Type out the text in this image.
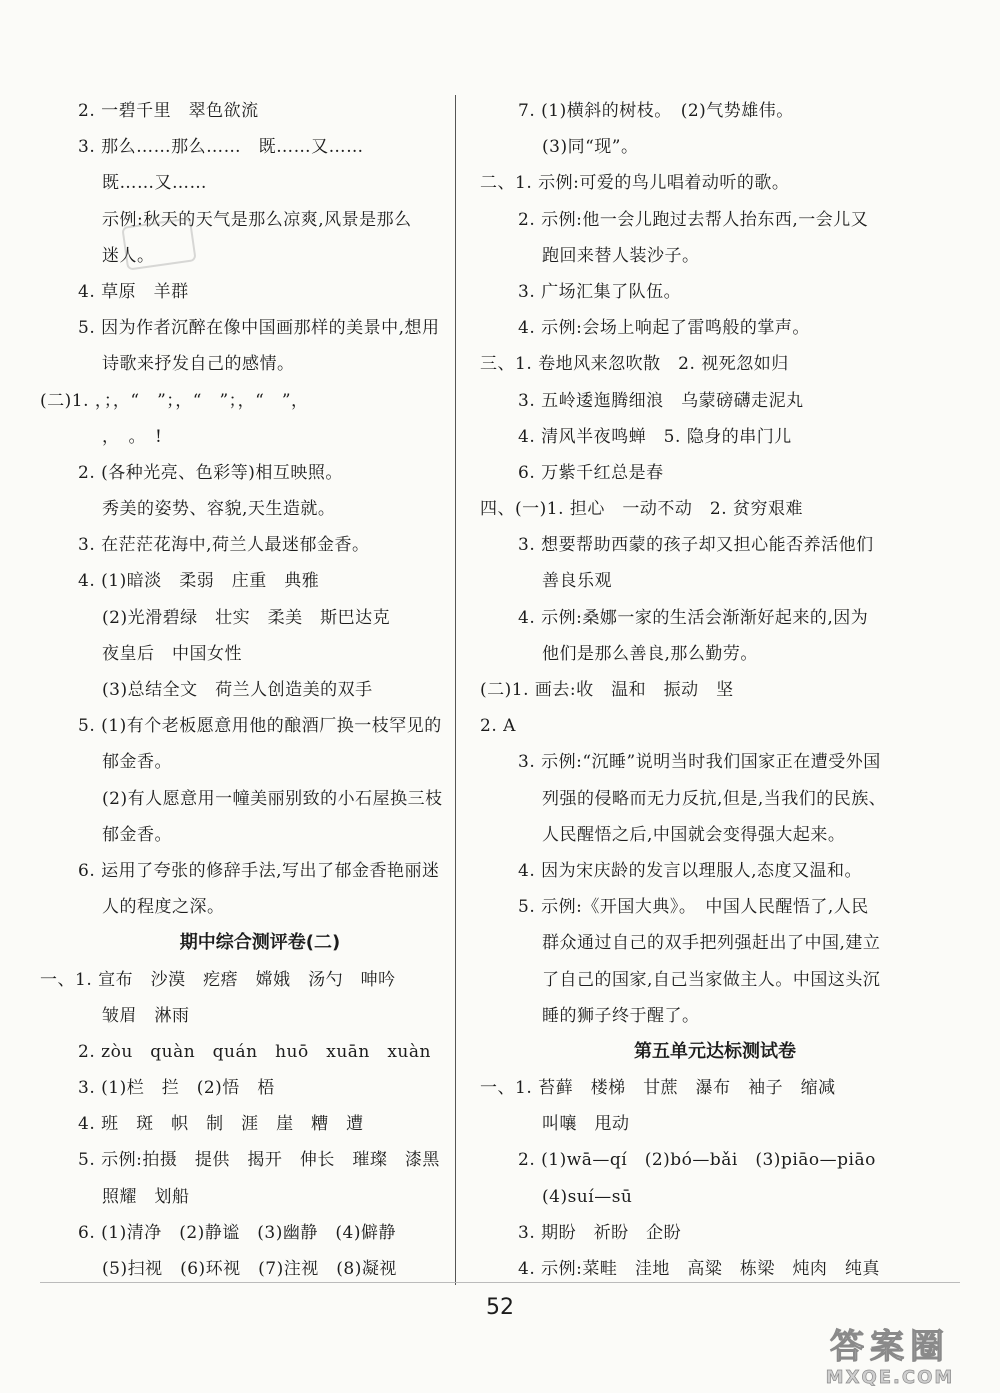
2. 一碧千里　翠色欲流
3. 那么……那么……　既……又……
既……又……
示例:秋天的天气是那么凉爽,风景是那么
迷人。
4. 草原　羊群
5. 因为作者沉醉在像中国画那样的美景中,想用
诗歌来抒发自己的感情。
(二)1. ，；，“　”；，“　”；，“　”，
，　。　!
2. (各种光亮、色彩等)相互映照。
秀美的姿势、容貌,天生造就。
3. 在茫茫花海中,荷兰人最迷郁金香。
4. (1)暗淡　柔弱　庄重　典雅
(2)光滑碧绿　壮实　柔美　斯巴达克
夜皇后　中国女性
(3)总结全文　荷兰人创造美的双手
5. (1)有个老板愿意用他的酿酒厂换一枝罕见的
郁金香。
(2)有人愿意用一幢美丽别致的小石屋换三枝
郁金香。
6. 运用了夸张的修辞手法,写出了郁金香艳丽迷
人的程度之深。
期中综合测评卷(二)
一、1. 宣布　沙漠　疙瘩　嫦娥　汤勺　呻吟
皱眉　淋雨
2. zòu　quàn　quán　huō　xuān　xuàn
3. (1)栏　拦　(2)悟　梧
4. 班　斑　帜　制　涯　崖　糟　遭
5. 示例:拍摄　提供　揭开　伸长　璀璨　漆黑
照耀　划船
6. (1)清净　(2)静谧　(3)幽静　(4)僻静
(5)扫视　(6)环视　(7)注视　(8)凝视
7. (1)横斜的树枝。　(2)气势雄伟。
(3)同“现”。
二、1. 示例:可爱的鸟儿唱着动听的歌。
2. 示例:他一会儿跑过去帮人抬东西,一会儿又
跑回来替人装沙子。
3. 广场汇集了队伍。
4. 示例:会场上响起了雷鸣般的掌声。
三、1. 卷地风来忽吹散　2. 视死忽如归
3. 五岭逶迤腾细浪　乌蒙磅礴走泥丸
4. 清风半夜鸣蝉　5. 隐身的串门儿
6. 万紫千红总是春
四、(一)1. 担心　一动不动　2. 贫穷艰难
3. 想要帮助西蒙的孩子却又担心能否养活他们
善良乐观
4. 示例:桑娜一家的生活会渐渐好起来的,因为
他们是那么善良,那么勤劳。
(二)1. 画去:收　温和　振动　坚
2. A
3. 示例:“沉睡”说明当时我们国家正在遭受外国
列强的侵略而无力反抗,但是,当我们的民族、
人民醒悟之后,中国就会变得强大起来。
4. 因为宋庆龄的发言以理服人,态度又温和。
5. 示例:《开国大典》。　中国人民醒悟了,人民
群众通过自己的双手把列强赶出了中国,建立
了自己的国家,自己当家做主人。中国这头沉
睡的狮子终于醒了。
第五单元达标测试卷
一、1. 苔藓　楼梯　甘蔗　瀑布　袖子　缩减
叫嚷　甩动
2. (1)wā—qí　(2)bó—bǎi　(3)piāo—piāo
(4)suí—sū
3. 期盼　祈盼　企盼
4. 示例:菜畦　洼地　高粱　栋梁　炖肉　纯真
52
答案圈
MXQE.COM
